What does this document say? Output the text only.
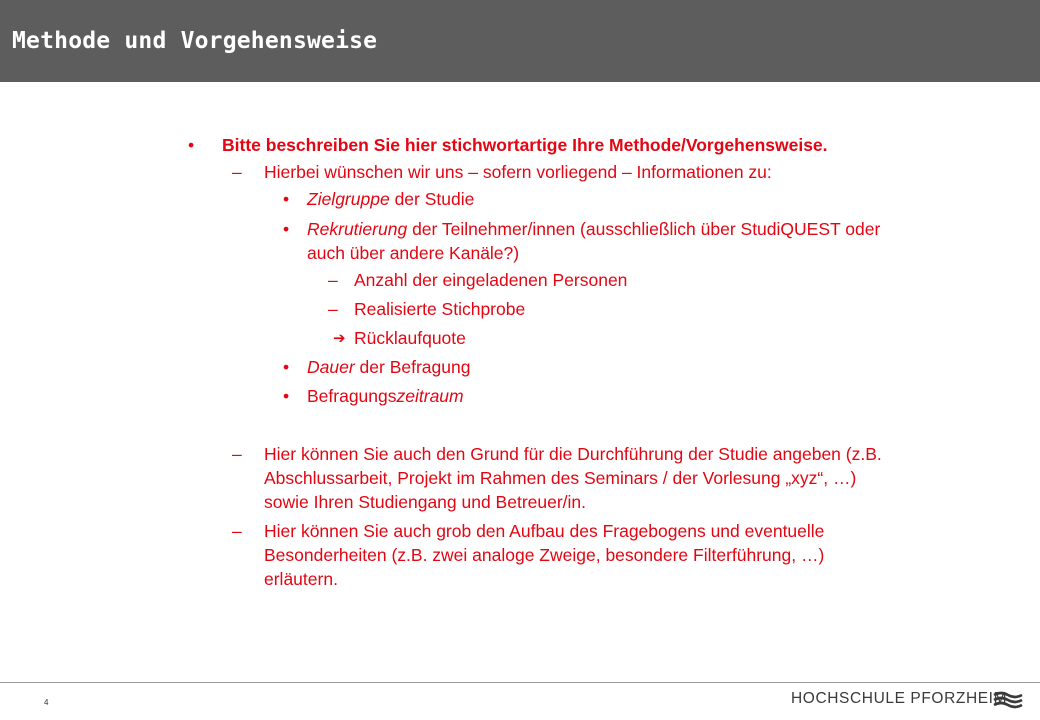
Methode und Vorgehensweise
• Bitte beschreiben Sie hier stichwortartige Ihre Methode/Vorgehensweise.
– Hierbei wünschen wir uns – sofern vorliegend – Informationen zu:
• Zielgruppe der Studie
• Rekrutierung der Teilnehmer/innen (ausschließlich über StudiQUEST oder
auch über andere Kanäle?)
– Anzahl der eingeladenen Personen
– Realisierte Stichprobe
➔ Rücklaufquote
• Dauer der Befragung
• Befragungszeitraum
– Hier können Sie auch den Grund für die Durchführung der Studie angeben (z.B.
Abschlussarbeit, Projekt im Rahmen des Seminars / der Vorlesung „xyz“, …)
sowie Ihren Studiengang und Betreuer/in.
– Hier können Sie auch grob den Aufbau des Fragebogens und eventuelle
Besonderheiten (z.B. zwei analoge Zweige, besondere Filterführung, …)
erläutern.
4	HOCHSCHULE PFORZHEIM
